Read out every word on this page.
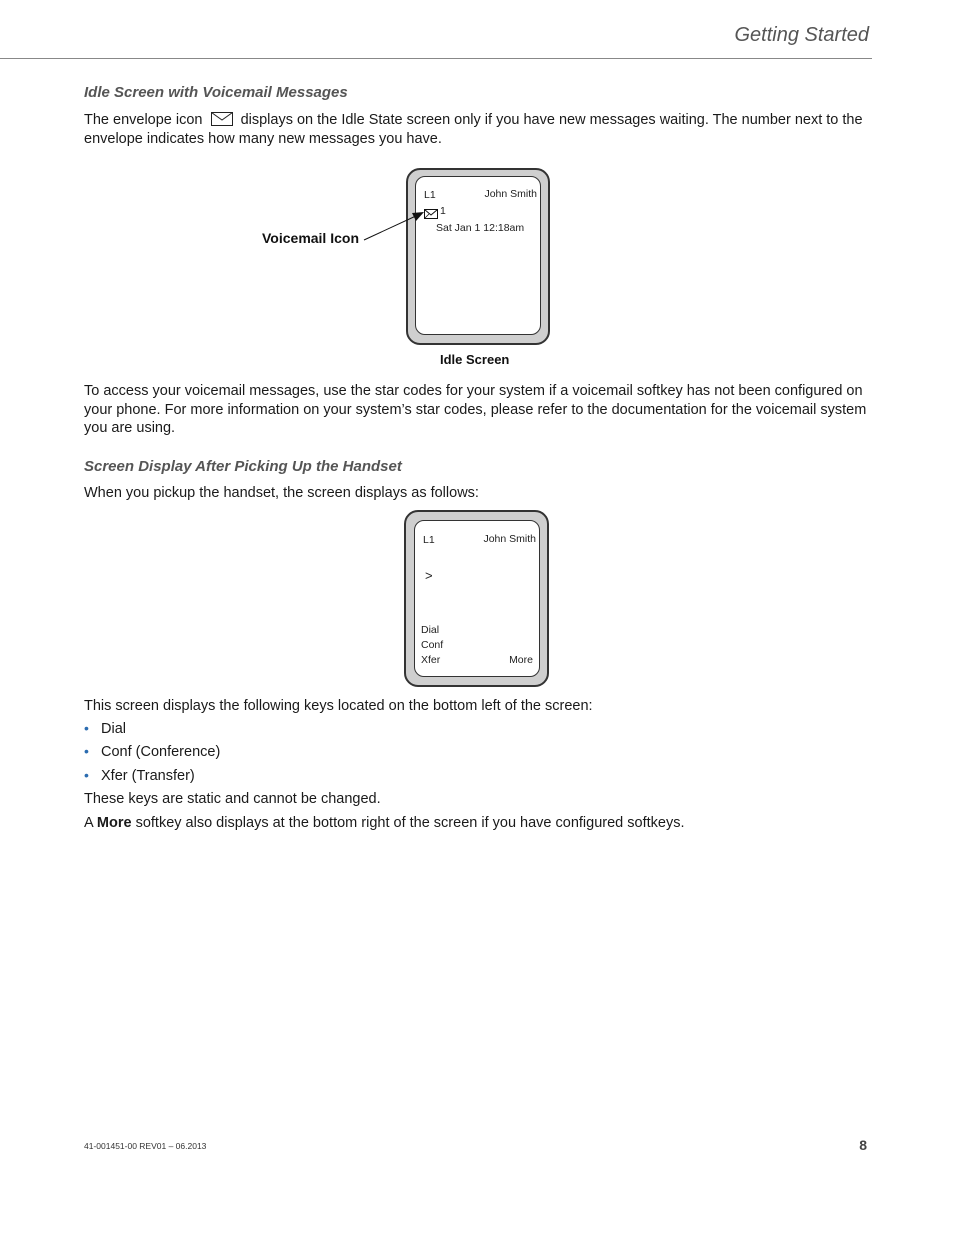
Getting Started
Idle Screen with Voicemail Messages
The envelope icon	displays on the Idle State screen only if you have new messages waiting. The number next to the envelope indicates how many new messages you have.
L1	John Smith
1
Sat Jan 1 12:18am
Voicemail Icon
Idle Screen
To access your voicemail messages, use the star codes for your system if a voicemail softkey has not been configured on your phone. For more information on your system’s star codes, please refer to the documentation for the voicemail system you are using.
Screen Display After Picking Up the Handset
When you pickup the handset, the screen displays as follows:
L1	John Smith
>
Dial
Conf
Xfer	More
This screen displays the following keys located on the bottom left of the screen:
• Dial
• Conf (Conference)
• Xfer (Transfer)
These keys are static and cannot be changed.
A More softkey also displays at the bottom right of the screen if you have configured softkeys.
41-001451-00 REV01 – 06.2013	8
